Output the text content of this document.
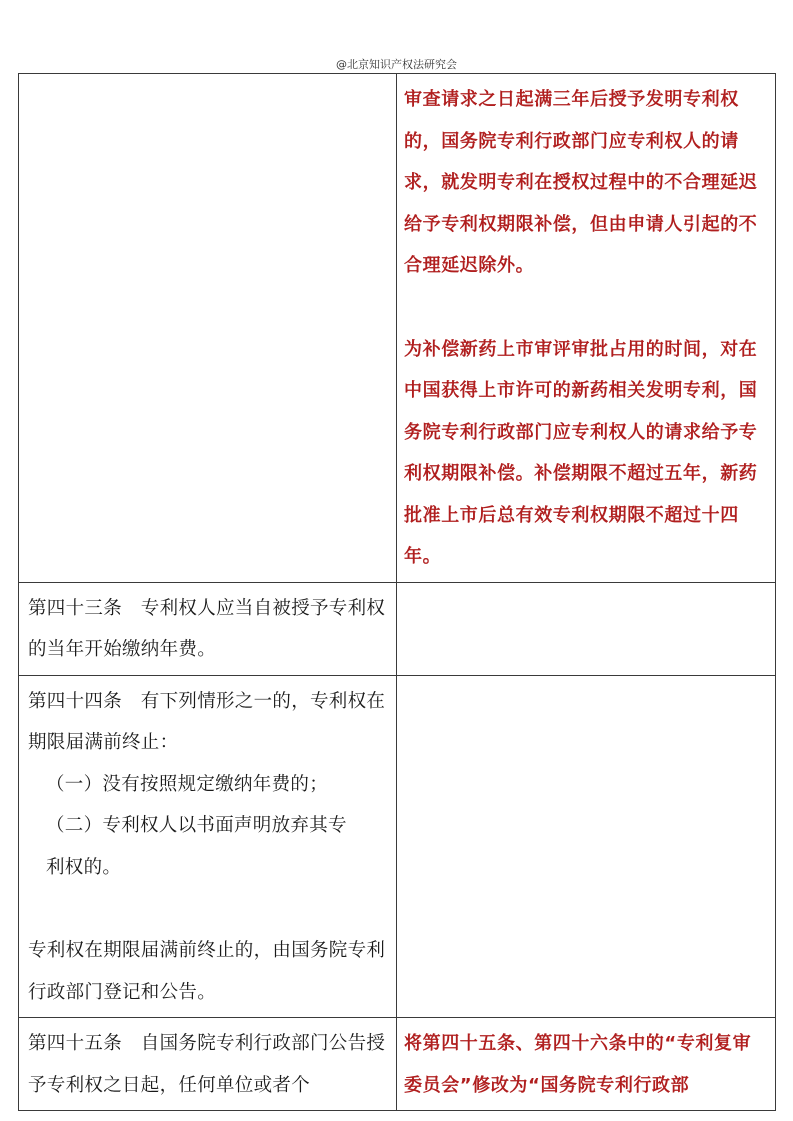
@北京知识产权法研究会

	审查请求之日起满三年后授予发明专利权的，国务院专利行政部门应专利权人的请求，就发明专利在授权过程中的不合理延迟给予专利权期限补偿，但由申请人引起的不合理延迟除外。

为补偿新药上市审评审批占用的时间，对在中国获得上市许可的新药相关发明专利，国务院专利行政部门应专利权人的请求给予专利权期限补偿。补偿期限不超过五年，新药批准上市后总有效专利权期限不超过十四年。

第四十三条　专利权人应当自被授予专利权的当年开始缴纳年费。	

第四十四条　有下列情形之一的，专利权在期限届满前终止：

（一）没有按照规定缴纳年费的；

（二）专利权人以书面声明放弃其专

利权的。

专利权在期限届满前终止的，由国务院专利行政部门登记和公告。	

第四十五条　自国务院专利行政部门公告授予专利权之日起，任何单位或者个	将第四十五条、第四十六条中的“专利复审委员会”修改为“国务院专利行政部
